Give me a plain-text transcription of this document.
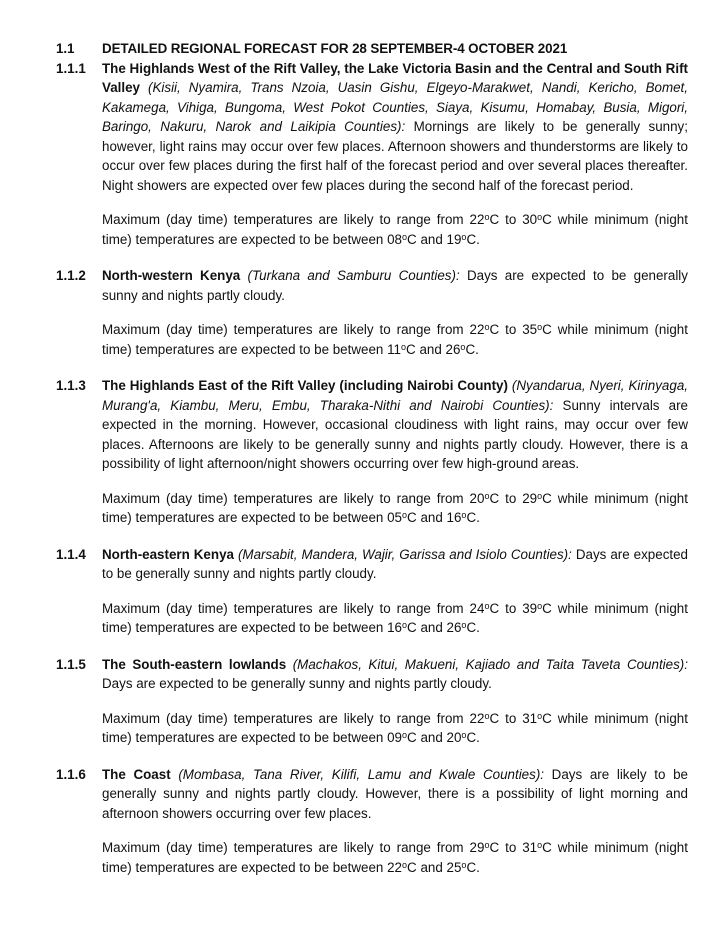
1.1	DETAILED REGIONAL FORECAST FOR 28 SEPTEMBER-4 OCTOBER 2021
1.1.1	The Highlands West of the Rift Valley, the Lake Victoria Basin and the Central and South Rift Valley (Kisii, Nyamira, Trans Nzoia, Uasin Gishu, Elgeyo-Marakwet, Nandi, Kericho, Bomet, Kakamega, Vihiga, Bungoma, West Pokot Counties, Siaya, Kisumu, Homabay, Busia, Migori, Baringo, Nakuru, Narok and Laikipia Counties): Mornings are likely to be generally sunny; however, light rains may occur over few places. Afternoon showers and thunderstorms are likely to occur over few places during the first half of the forecast period and over several places thereafter. Night showers are expected over few places during the second half of the forecast period.
Maximum (day time) temperatures are likely to range from 22$^o$C to 30$^o$C while minimum (night time) temperatures are expected to be between 08$^o$C and 19$^o$C.
1.1.2	North-western Kenya (Turkana and Samburu Counties): Days are expected to be generally sunny and nights partly cloudy.
Maximum (day time) temperatures are likely to range from 22$^o$C to 35$^o$C while minimum (night time) temperatures are expected to be between 11$^o$C and 26$^o$C.
1.1.3	The Highlands East of the Rift Valley (including Nairobi County) (Nyandarua, Nyeri, Kirinyaga, Murang'a, Kiambu, Meru, Embu, Tharaka-Nithi and Nairobi Counties): Sunny intervals are expected in the morning. However, occasional cloudiness with light rains, may occur over few places. Afternoons are likely to be generally sunny and nights partly cloudy. However, there is a possibility of light afternoon/night showers occurring over few high-ground areas.
Maximum (day time) temperatures are likely to range from 20$^o$C to 29$^o$C while minimum (night time) temperatures are expected to be between 05$^o$C and 16$^o$C.
1.1.4	North-eastern Kenya (Marsabit, Mandera, Wajir, Garissa and Isiolo Counties): Days are expected to be generally sunny and nights partly cloudy.
Maximum (day time) temperatures are likely to range from 24$^o$C to 39$^o$C while minimum (night time) temperatures are expected to be between 16$^o$C and 26$^o$C.
1.1.5	The South-eastern lowlands (Machakos, Kitui, Makueni, Kajiado and Taita Taveta Counties): Days are expected to be generally sunny and nights partly cloudy.
Maximum (day time) temperatures are likely to range from 22$^o$C to 31$^o$C while minimum (night time) temperatures are expected to be between 09$^o$C and 20$^o$C.
1.1.6	The Coast (Mombasa, Tana River, Kilifi, Lamu and Kwale Counties): Days are likely to be generally sunny and nights partly cloudy. However, there is a possibility of light morning and afternoon showers occurring over few places.
Maximum (day time) temperatures are likely to range from 29$^o$C to 31$^o$C while minimum (night time) temperatures are expected to be between 22$^o$C and 25$^o$C.
